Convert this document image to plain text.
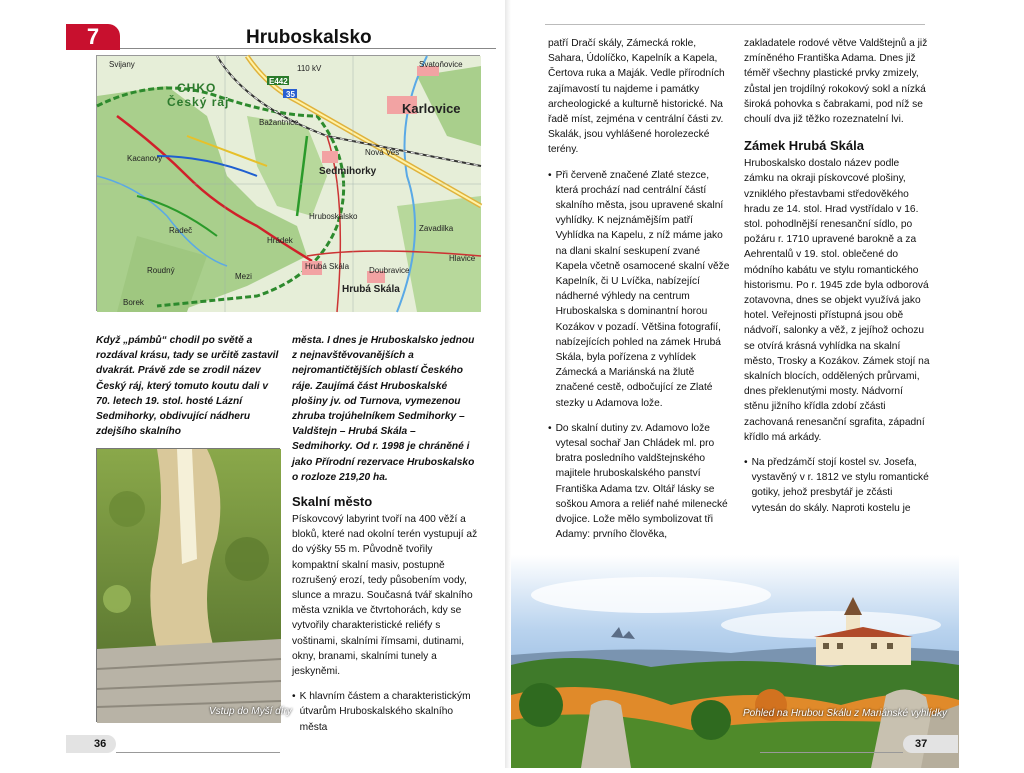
7	Hruboskalsko
CHKO
Český ráj	Karlovice
Sedmihorky
Hrubá Skála
Hrubá Skála
Nová Ves
Svijany	Svatoňovice
Hruboskalsko
Bažantnice
Kacanovy
Doubravice
Hlavice
Zavadilka
Radeč
Roudný
Borek
Mezi
E442
35
110 kV
Hrádek
Když „pámbů“ chodil po světě a rozdával krásu, tady se určitě zastavil dvakrát. Právě zde se zrodil název Český ráj, který tomuto koutu dali v 70. letech 19. stol. hosté Lázní Sedmihorky, obdivující nádheru zdejšího skalního
města. I dnes je Hruboskalsko jednou z nejnavštěvovanějších a nejromantičtějších oblastí Českého ráje. Zaujímá část Hruboskalské plošiny jv. od Turnova, vymezenou zhruba trojúhelníkem Sedmihorky – Valdštejn – Hrubá Skála – Sedmihorky. Od r. 1998 je chráněné i jako Přírodní rezervace Hruboskalsko o rozloze 219,20 ha.
Vstup do Myší díry
Skalní město
Pískovcový labyrint tvoří na 400 věží a bloků, které nad okolní terén vystupují až do výšky 55 m. Původně tvořily kompaktní skalní masiv, postupně rozrušený erozí, tedy působením vody, slunce a mrazu. Současná tvář skalního města vznikla ve čtvrtohorách, kdy se vytvořily charakteristické reliéfy s voštinami, skalními římsami, dutinami, okny, branami, skalními tunely a jeskyněmi.
• K hlavním částem a charakteristickým útvarům Hruboskalského skalního města
36
patří Dračí skály, Zámecká rokle, Sahara, Údolíčko, Kapelník a Kapela, Čertova ruka a Maják. Vedle přírodních zajímavostí tu najdeme i památky archeologické a kulturně historické. Na řadě míst, zejména v centrální části zv. Skalák, jsou vyhlášené horolezecké terény.
• Při červeně značené Zlaté stezce, která prochází nad centrální částí skalního města, jsou upravené skalní vyhlídky. K nejznámějším patří Vyhlídka na Kapelu, z níž máme jako na dlani skalní seskupení zvané Kapela včetně osamocené skalní věže Kapelník, či U Lvíčka, nabízející nádherné výhledy na centrum Hruboskalska s dominantní horou Kozákov v pozadí. Většina fotografií, nabízejících pohled na zámek Hrubá Skála, byla pořízena z vyhlídek Zámecká a Mariánská na žlutě značené cestě, odbočující ze Zlaté stezky u Adamova lože.
• Do skalní dutiny zv. Adamovo lože vytesal sochař Jan Chládek ml. pro bratra posledního valdštejnského majitele hruboskalského panství Františka Adama tzv. Oltář lásky se soškou Amora a reliéf nahé milenecké dvojice. Lože mělo symbolizovat tři Adamy: prvního člověka,
zakladatele rodové větve Valdštejnů a již zmíněného Františka Adama. Dnes již téměř všechny plastické prvky zmizely, zůstal jen trojdílný rokokový sokl a nízká široká pohovka s čabrakami, pod níž se choulí dva již těžko rozeznatelní lvi.
Zámek Hrubá Skála
Hruboskalsko dostalo název podle zámku na okraji pískovcové plošiny, vzniklého přestavbami středověkého hradu ze 14. stol. Hrad vystřídalo v 16. stol. pohodlnější renesanční sídlo, po požáru r. 1710 upravené barokně a za Aehrentalů v 19. stol. oblečené do módního kabátu ve stylu romantického historismu. Po r. 1945 zde byla odborová zotavovna, dnes se objekt využívá jako hotel. Veřejnosti přístupná jsou obě nádvoří, salonky a věž, z jejíhož ochozu se otvírá krásná vyhlídka na skalní město, Trosky a Kozákov. Zámek stojí na skalních blocích, oddělených průrvami, dnes překlenutými mosty. Nádvorní stěnu jižního křídla zdobí zčásti zachovaná renesanční sgrafita, západní křídlo má arkády.
• Na předzámčí stojí kostel sv. Josefa, vystavěný v r. 1812 ve stylu romantické gotiky, jehož presbytář je zčásti vytesán do skály. Naproti kostelu je
Pohled na Hrubou Skálu z Mariánské vyhlídky
37
